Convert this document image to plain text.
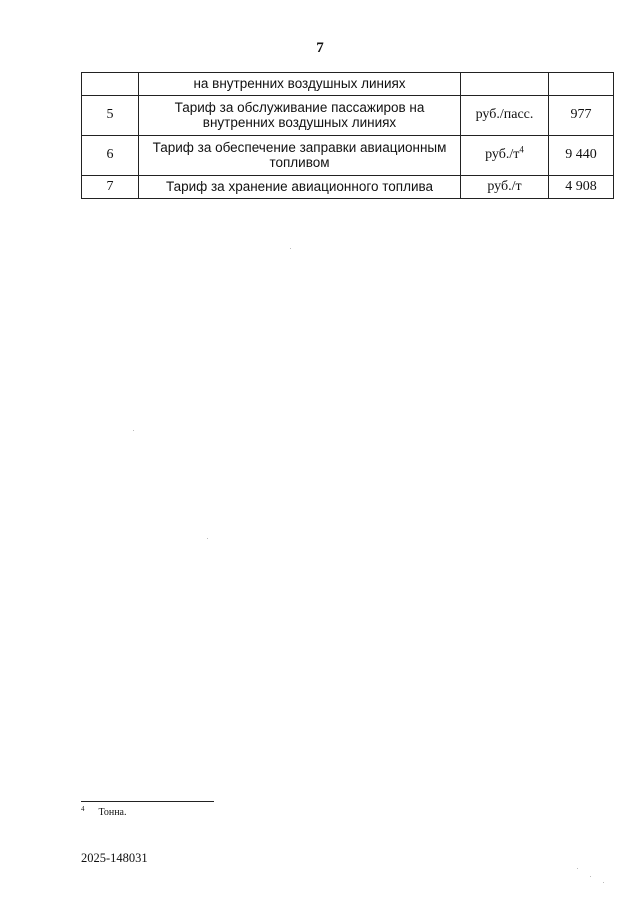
7
	на внутренних воздушных линиях		
5	Тариф за обслуживание пассажиров на внутренних воздушных линиях	руб./пасс.	977
6	Тариф за обеспечение заправки авиационным топливом	$руб./т^4$	9 440
7	Тариф за хранение авиационного топлива	руб./т	4 908
$^4$ Тонна.
2025-148031
